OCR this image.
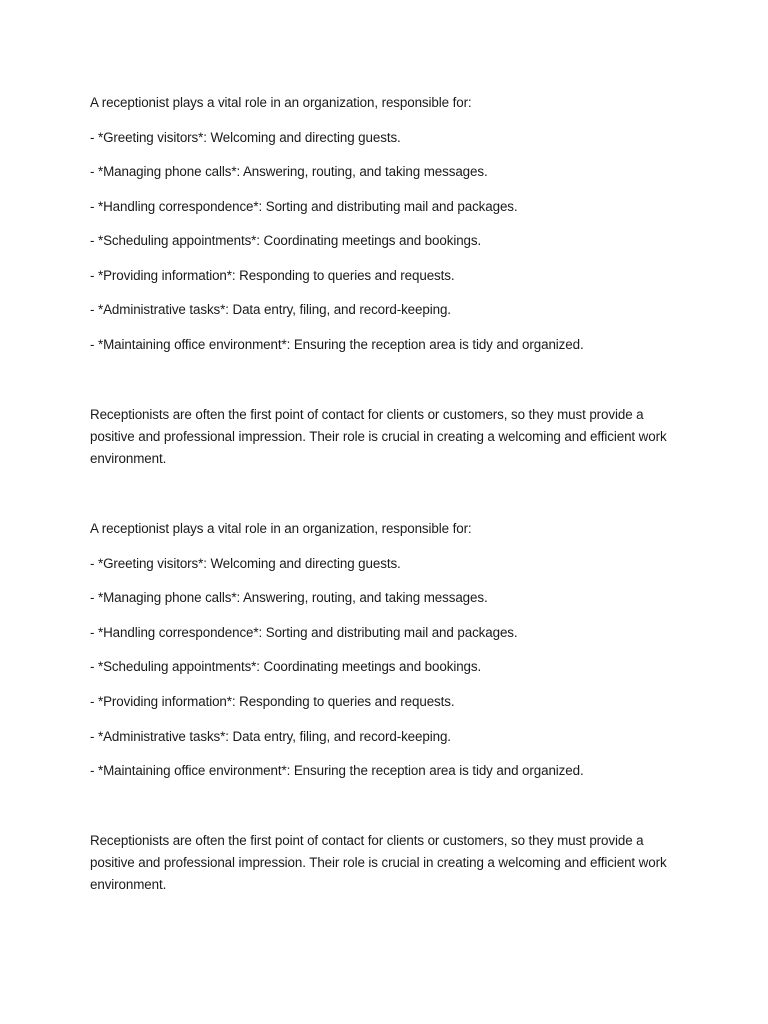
A receptionist plays a vital role in an organization, responsible for:

- *Greeting visitors*: Welcoming and directing guests.

- *Managing phone calls*: Answering, routing, and taking messages.

- *Handling correspondence*: Sorting and distributing mail and packages.

- *Scheduling appointments*: Coordinating meetings and bookings.

- *Providing information*: Responding to queries and requests.

- *Administrative tasks*: Data entry, filing, and record-keeping.

- *Maintaining office environment*: Ensuring the reception area is tidy and organized.

Receptionists are often the first point of contact for clients or customers, so they must provide a positive and professional impression. Their role is crucial in creating a welcoming and efficient work environment.

A receptionist plays a vital role in an organization, responsible for:

- *Greeting visitors*: Welcoming and directing guests.

- *Managing phone calls*: Answering, routing, and taking messages.

- *Handling correspondence*: Sorting and distributing mail and packages.

- *Scheduling appointments*: Coordinating meetings and bookings.

- *Providing information*: Responding to queries and requests.

- *Administrative tasks*: Data entry, filing, and record-keeping.

- *Maintaining office environment*: Ensuring the reception area is tidy and organized.

Receptionists are often the first point of contact for clients or customers, so they must provide a positive and professional impression. Their role is crucial in creating a welcoming and efficient work environment.
